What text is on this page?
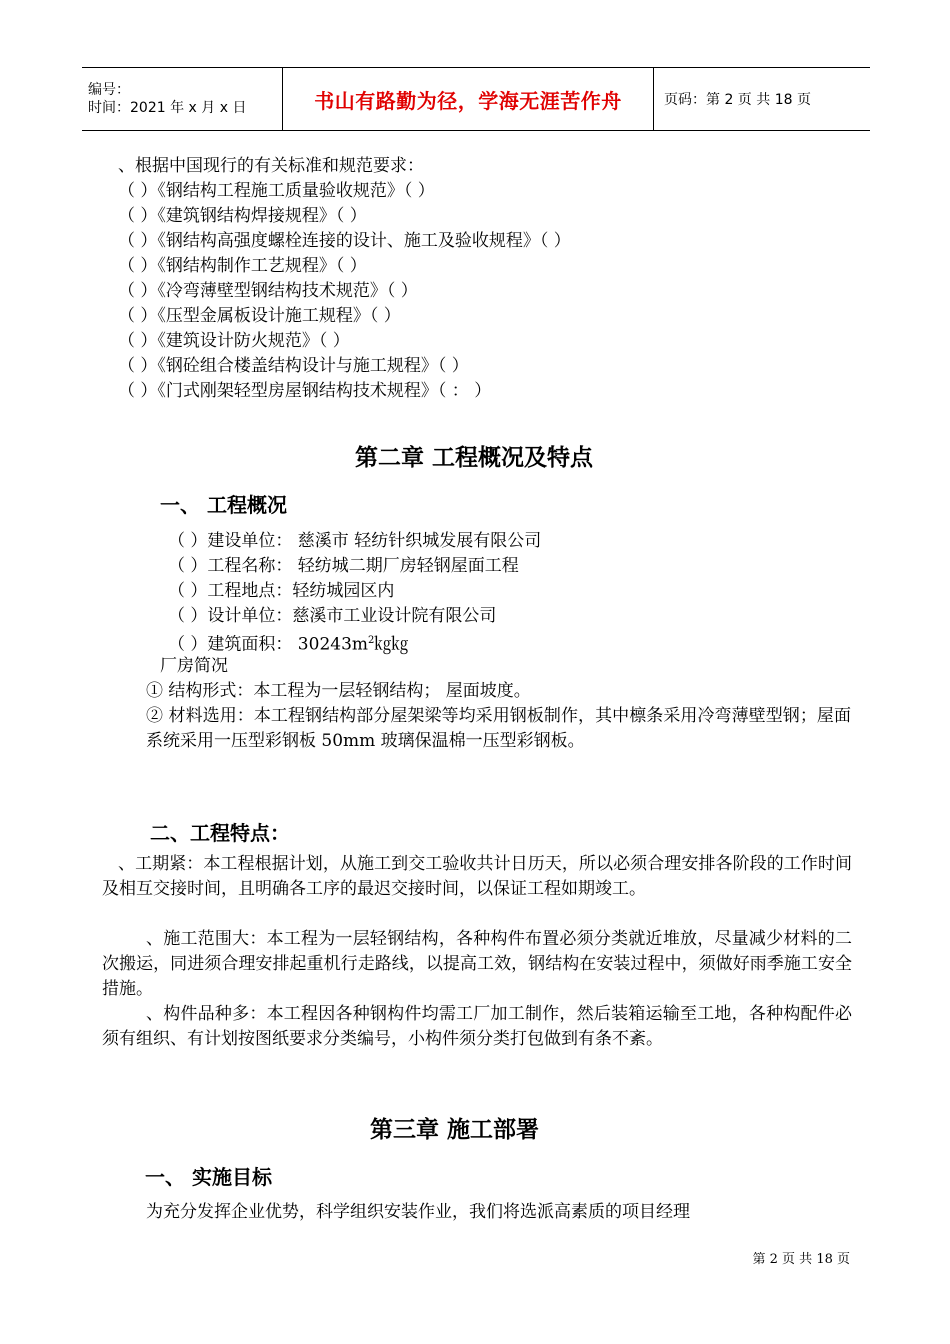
编号：
时间：2021 年 x 月 x 日	书山有路勤为径，学海无涯苦作舟	页码：第 2 页 共 18 页
、根据中国现行的有关标准和规范要求：
（ ）《钢结构工程施工质量验收规范》（ ）
（ ）《建筑钢结构焊接规程》（ ）
（ ）《钢结构高强度螺栓连接的设计、施工及验收规程》（ ）
（ ）《钢结构制作工艺规程》（ ）
（ ）《冷弯薄壁型钢结构技术规范》（ ）
（ ）《压型金属板设计施工规程》（ ）
（ ）《建筑设计防火规范》（ ）
（ ）《钢砼组合楼盖结构设计与施工规程》（ ）
（ ）《门式刚架轻型房屋钢结构技术规程》（ ： ）
第二章 工程概况及特点
一、 工程概况
（ ）建设单位： 慈溪市 轻纺针织城发展有限公司
（ ）工程名称： 轻纺城二期厂房轻钢屋面工程
（ ）工程地点：轻纺城园区内
（ ）设计单位：慈溪市工业设计院有限公司
（ ）建筑面积： $30243m^2㎏㎏$
厂房简况
① 结构形式：本工程为一层轻钢结构； 屋面坡度。
② 材料选用：本工程钢结构部分屋架梁等均采用钢板制作，其中檩条采用冷弯薄壁型钢；屋面系统采用一压型彩钢板 50mm 玻璃保温棉一压型彩钢板。
二、工程特点：
、工期紧：本工程根据计划，从施工到交工验收共计日历天，所以必须合理安排各阶段的工作时间及相互交接时间，且明确各工序的最迟交接时间，以保证工程如期竣工。
、施工范围大：本工程为一层轻钢结构，各种构件布置必须分类就近堆放，尽量减少材料的二次搬运，同进须合理安排起重机行走路线，以提高工效，钢结构在安装过程中，须做好雨季施工安全措施。
、构件品种多：本工程因各种钢构件均需工厂加工制作，然后装箱运输至工地，各种构配件必须有组织、有计划按图纸要求分类编号，小构件须分类打包做到有条不紊。
第三章 施工部署
一、 实施目标
为充分发挥企业优势，科学组织安装作业，我们将选派高素质的项目经理
第 2 页 共 18 页
